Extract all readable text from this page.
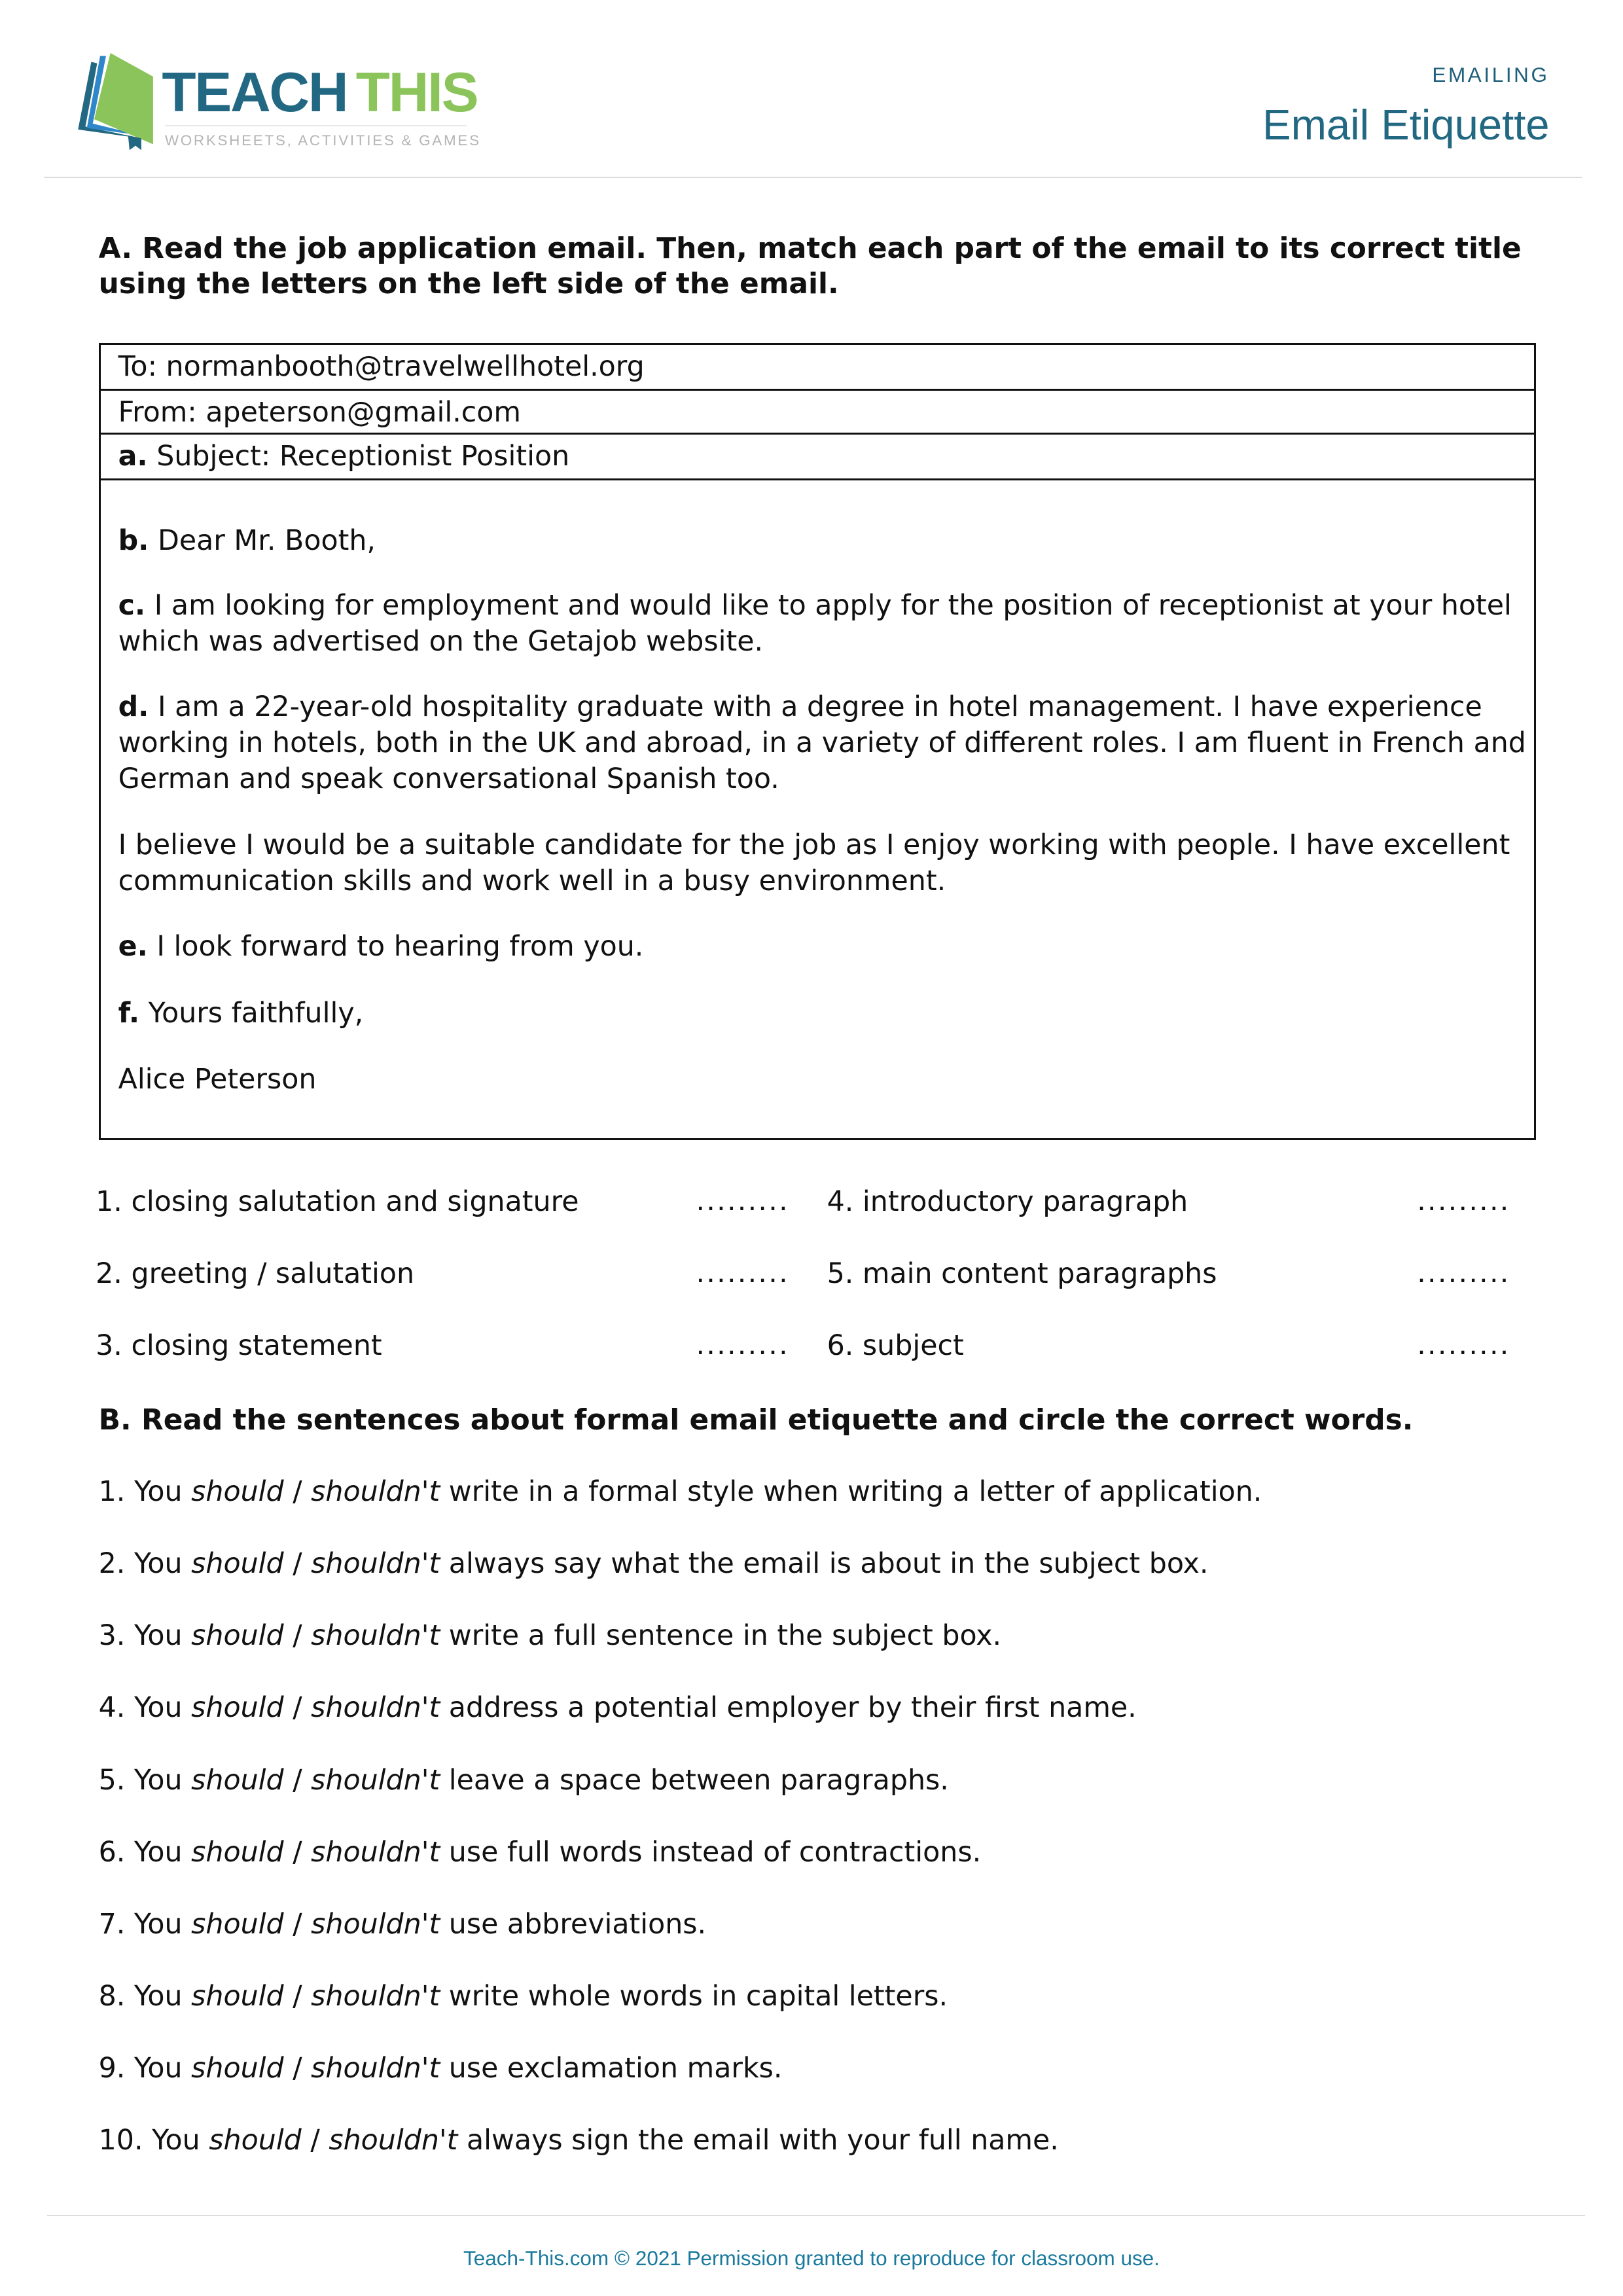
TEACH THIS
WORKSHEETS, ACTIVITIES & GAMES
EMAILING
Email Etiquette
A. Read the job application email. Then, match each part of the email to its correct title using the letters on the left side of the email.
To: normanbooth@travelwellhotel.org
From: apeterson@gmail.com
a. Subject: Receptionist Position
b. Dear Mr. Booth,
c. I am looking for employment and would like to apply for the position of receptionist at your hotel which was advertised on the Getajob website.
d. I am a 22-year-old hospitality graduate with a degree in hotel management. I have experience working in hotels, both in the UK and abroad, in a variety of different roles. I am fluent in French and German and speak conversational Spanish too.
I believe I would be a suitable candidate for the job as I enjoy working with people. I have excellent communication skills and work well in a busy environment.
e. I look forward to hearing from you.
f. Yours faithfully,
Alice Peterson
1. closing salutation and signature	.........
2. greeting / salutation	.........
3. closing statement	.........
4. introductory paragraph	.........
5. main content paragraphs	.........
6. subject	.........
B. Read the sentences about formal email etiquette and circle the correct words.
1. You should / shouldn't write in a formal style when writing a letter of application.
2. You should / shouldn't always say what the email is about in the subject box.
3. You should / shouldn't write a full sentence in the subject box.
4. You should / shouldn't address a potential employer by their first name.
5. You should / shouldn't leave a space between paragraphs.
6. You should / shouldn't use full words instead of contractions.
7. You should / shouldn't use abbreviations.
8. You should / shouldn't write whole words in capital letters.
9. You should / shouldn't use exclamation marks.
10. You should / shouldn't always sign the email with your full name.
Teach-This.com © 2021 Permission granted to reproduce for classroom use.
